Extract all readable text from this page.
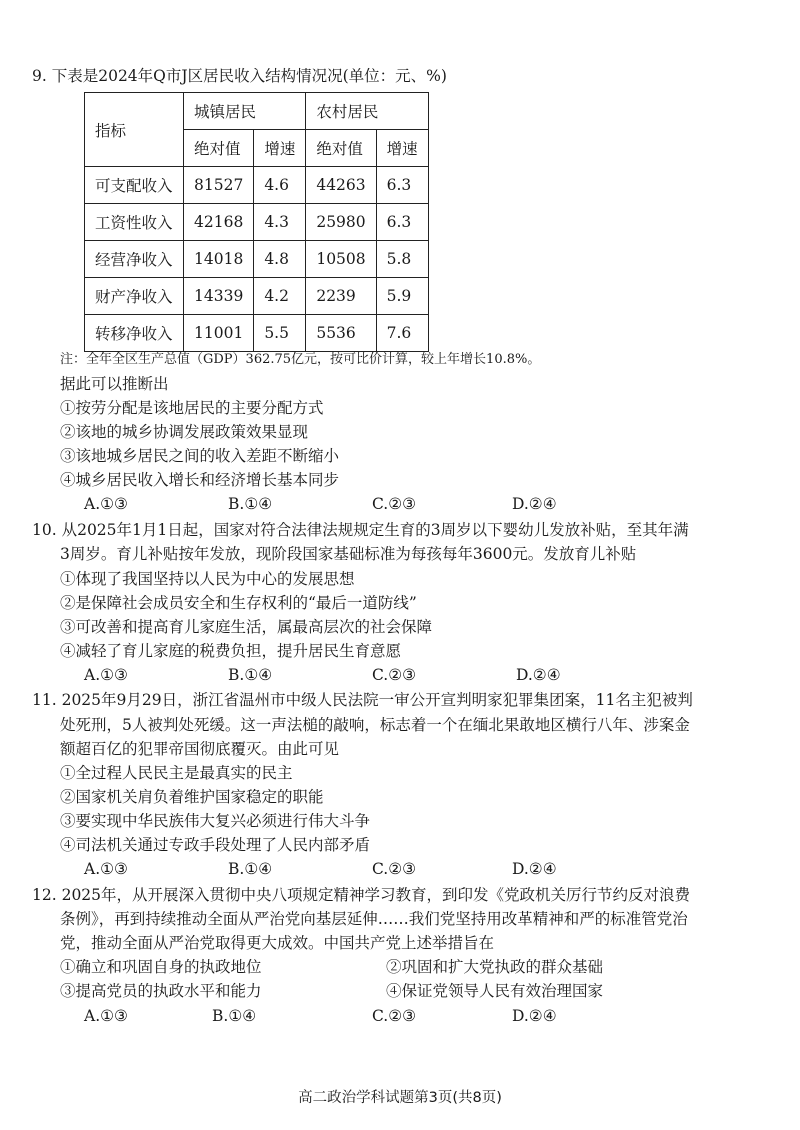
9. 下表是2024年Q市J区居民收入结构情况况(单位：元、%)
指标	城镇居民		农村居民	
	绝对值	增速	绝对值	增速
可支配收入	81527	4.6	44263	6.3
工资性收入	42168	4.3	25980	6.3
经营净收入	14018	4.8	10508	5.8
财产净收入	14339	4.2	2239	5.9
转移净收入	11001	5.5	5536	7.6
注：全年全区生产总值（GDP）362.75亿元，按可比价计算，较上年增长10.8%。
据此可以推断出
①按劳分配是该地居民的主要分配方式
②该地的城乡协调发展政策效果显现
③该地城乡居民之间的收入差距不断缩小
④城乡居民收入增长和经济增长基本同步
A.①③	B.①④	C.②③	D.②④
10. 从2025年1月1日起，国家对符合法律法规规定生育的3周岁以下婴幼儿发放补贴，至其年满
3周岁。育儿补贴按年发放，现阶段国家基础标准为每孩每年3600元。发放育儿补贴
①体现了我国坚持以人民为中心的发展思想
②是保障社会成员安全和生存权利的“最后一道防线”
③可改善和提高育儿家庭生活，属最高层次的社会保障
④减轻了育儿家庭的税费负担，提升居民生育意愿
A.①③	B.①④	C.②③	D.②④
11. 2025年9月29日，浙江省温州市中级人民法院一审公开宣判明家犯罪集团案，11名主犯被判
处死刑，5人被判处死缓。这一声法槌的敲响，标志着一个在缅北果敢地区横行八年、涉案金
额超百亿的犯罪帝国彻底覆灭。由此可见
①全过程人民民主是最真实的民主
②国家机关肩负着维护国家稳定的职能
③要实现中华民族伟大复兴必须进行伟大斗争
④司法机关通过专政手段处理了人民内部矛盾
A.①③	B.①④	C.②③	D.②④
12. 2025年，从开展深入贯彻中央八项规定精神学习教育，到印发《党政机关厉行节约反对浪费
条例》，再到持续推动全面从严治党向基层延伸……我们党坚持用改革精神和严的标准管党治
党，推动全面从严治党取得更大成效。中国共产党上述举措旨在
①确立和巩固自身的执政地位	②巩固和扩大党执政的群众基础
③提高党员的执政水平和能力	④保证党领导人民有效治理国家
A.①③	B.①④	C.②③	D.②④
高二政治学科试题第3页(共8页)
